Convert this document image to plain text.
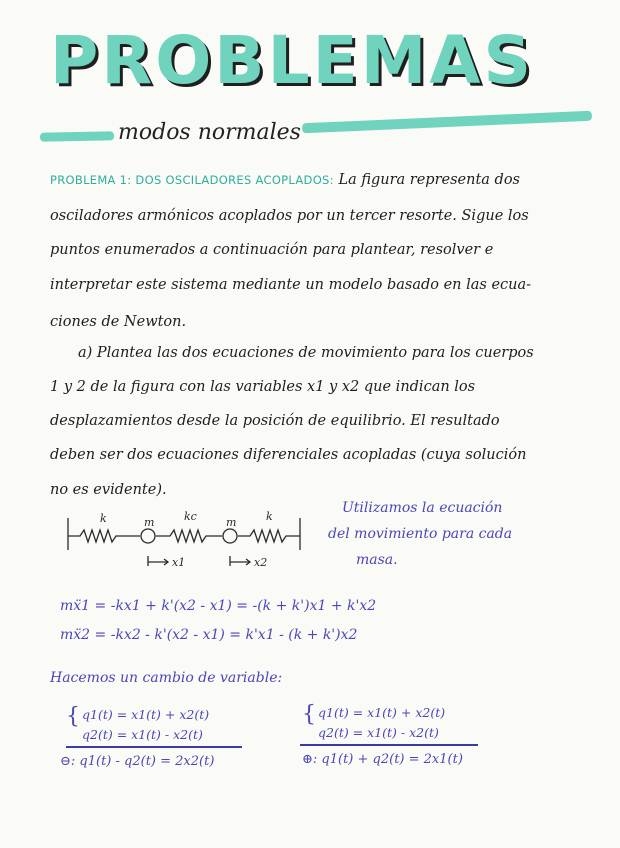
PROBLEMAS
modos normales
PROBLEMA 1: DOS OSCILADORES ACOPLADOS: La figura representa dos
osciladores armónicos acoplados por un tercer resorte. Sigue los
puntos enumerados a continuación para plantear, resolver e
interpretar este sistema mediante un modelo basado en las ecua-
ciones de Newton.
a) Plantea las dos ecuaciones de movimiento para los cuerpos
1 y 2 de la figura con las variables x1 y x2 que indican los
desplazamientos desde la posición de equilibrio. El resultado
deben ser dos ecuaciones diferenciales acopladas (cuya solución
no es evidente).
k	m	kc	m	k
x1	x2
Utilizamos la ecuación
del movimiento para cada
masa.
mẍ1 = -kx1 + k'(x2 - x1) = -(k + k')x1 + k'x2
mẍ2 = -kx2 - k'(x2 - x1) = k'x1 - (k + k')x2
Hacemos un cambio de variable:
{ q1(t) = x1(t) + x2(t)
q2(t) = x1(t) - x2(t)
⊖: q1(t) - q2(t) = 2x2(t)
{ q1(t) = x1(t) + x2(t)
q2(t) = x1(t) - x2(t)
⊕: q1(t) + q2(t) = 2x1(t)
